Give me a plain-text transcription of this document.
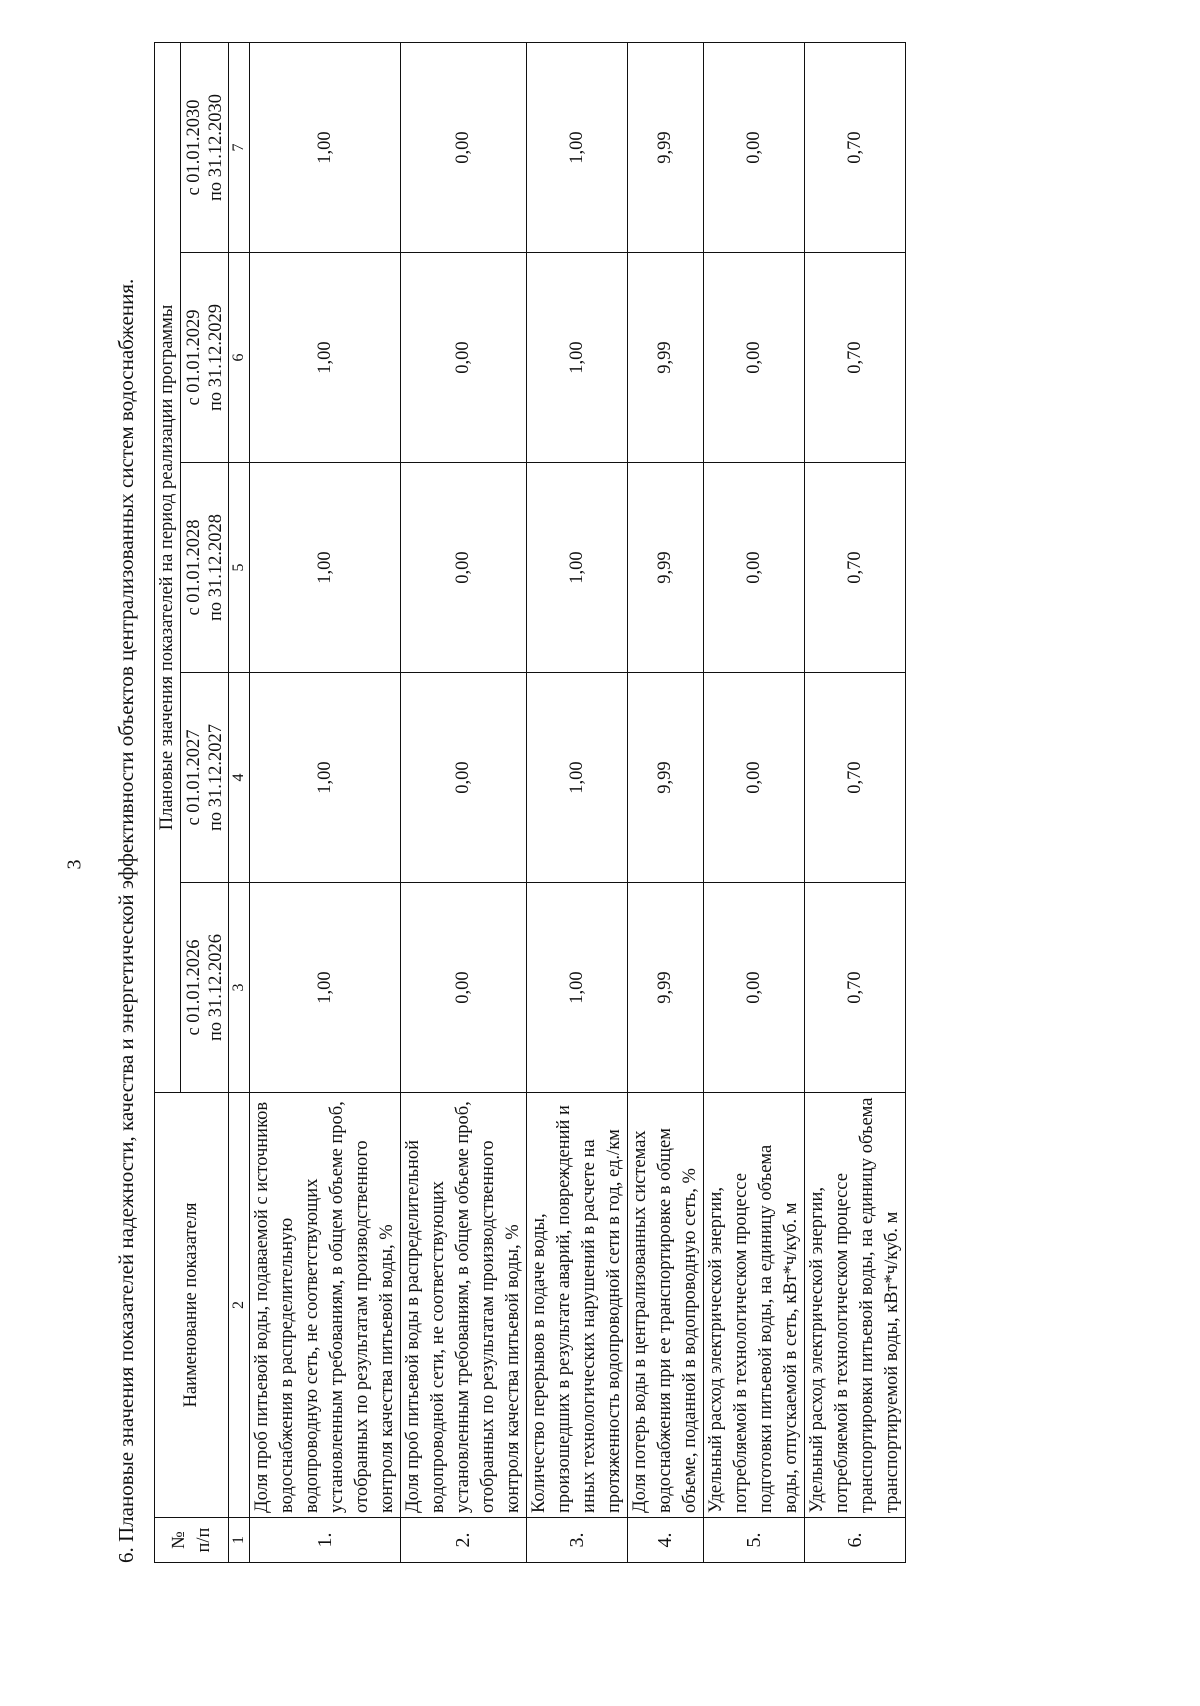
3 6. Плановые значения показателей надежности, качества и энергетической эффективности объектов централизованных систем водоснабжения. № п/п	Наименование показателя	Плановые значения показателей на период реализации программы				
		с 01.01.2026 по 31.12.2026	с 01.01.2027 по 31.12.2027	с 01.01.2028 по 31.12.2028	с 01.01.2029 по 31.12.2029	с 01.01.2030 по 31.12.2030
1	2	3	4	5	6	7
1.	Доля проб питьевой воды, подаваемой с источников водоснабжения в распределительную водопроводную сеть, не соответствующих установленным требованиям, в общем объеме проб, отобранных по результатам производственного контроля качества питьевой воды, %	1,00	1,00	1,00	1,00	1,00
2.	Доля проб питьевой воды в распределительной водопроводной сети, не соответствующих установленным требованиям, в общем объеме проб, отобранных по результатам производственного контроля качества питьевой воды, %	0,00	0,00	0,00	0,00	0,00
3.	Количество перерывов в подаче воды, произошедших в результате аварий, повреждений и иных технологических нарушений в расчете на протяженность водопроводной сети в год, ед./км	1,00	1,00	1,00	1,00	1,00
4.	Доля потерь воды в централизованных системах водоснабжения при ее транспортировке в общем объеме, поданной в водопроводную сеть, %	9,99	9,99	9,99	9,99	9,99
5.	Удельный расход электрической энергии, потребляемой в технологическом процессе подготовки питьевой воды, на единицу объема воды, отпускаемой в сеть, кВт*ч/куб. м	0,00	0,00	0,00	0,00	0,00
6.	Удельный расход электрической энергии, потребляемой в технологическом процессе транспортировки питьевой воды, на единицу объема транспортируемой воды, кВт*ч/куб. м	0,70	0,70	0,70	0,70	0,70
